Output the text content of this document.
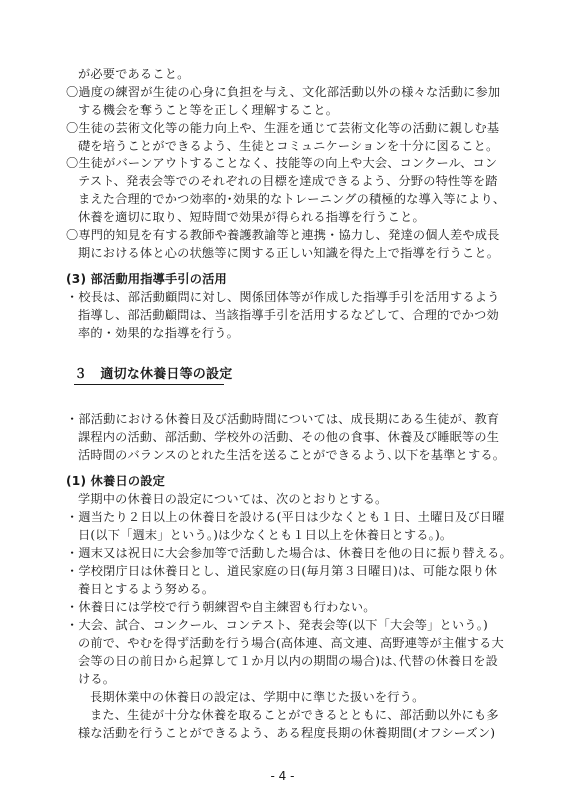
が必要であること。
〇過度の練習が生徒の心身に負担を与え、文化部活動以外の様々な活動に参加
する機会を奪うこと等を正しく理解すること。
〇生徒の芸術文化等の能力向上や、生涯を通じて芸術文化等の活動に親しむ基
礎を培うことができるよう、生徒とコミュニケーションを十分に図ること。
〇生徒がバーンアウトすることなく、技能等の向上や大会、コンクール、コン
テスト、発表会等でのそれぞれの目標を達成できるよう、分野の特性等を踏
まえた合理的でかつ効率的･効果的なトレーニングの積極的な導入等により、
休養を適切に取り、短時間で効果が得られる指導を行うこと。
〇専門的知見を有する教師や養護教諭等と連携・協力し、発達の個人差や成長
期における体と心の状態等に関する正しい知識を得た上で指導を行うこと。
(3) 部活動用指導手引の活用
・校長は、部活動顧問に対し、関係団体等が作成した指導手引を活用するよう
指導し、部活動顧問は、当該指導手引を活用するなどして、合理的でかつ効
率的・効果的な指導を行う。
３　適切な休養日等の設定
・部活動における休養日及び活動時間については、成長期にある生徒が、教育
課程内の活動、部活動、学校外の活動、その他の食事、休養及び睡眠等の生
活時間のバランスのとれた生活を送ることができるよう､以下を基準とする。
(1) 休養日の設定
学期中の休養日の設定については、次のとおりとする。
・週当たり２日以上の休養日を設ける(平日は少なくとも１日、土曜日及び日曜
日(以下「週末」という。)は少なくとも１日以上を休養日とする。)。
・週末又は祝日に大会参加等で活動した場合は、休養日を他の日に振り替える。
・学校閉庁日は休養日とし、道民家庭の日(毎月第３日曜日)は、可能な限り休
養日とするよう努める。
・休養日には学校で行う朝練習や自主練習も行わない。
・大会、試合、コンクール、コンテスト、発表会等(以下「大会等」という。)
の前で、やむを得ず活動を行う場合(高体連、高文連、高野連等が主催する大
会等の日の前日から起算して１か月以内の期間の場合)は､代替の休養日を設
ける。
長期休業中の休養日の設定は、学期中に準じた扱いを行う。
また、生徒が十分な休養を取ることができるとともに、部活動以外にも多
様な活動を行うことができるよう、ある程度長期の休養期間(オフシーズン)
- 4 -
